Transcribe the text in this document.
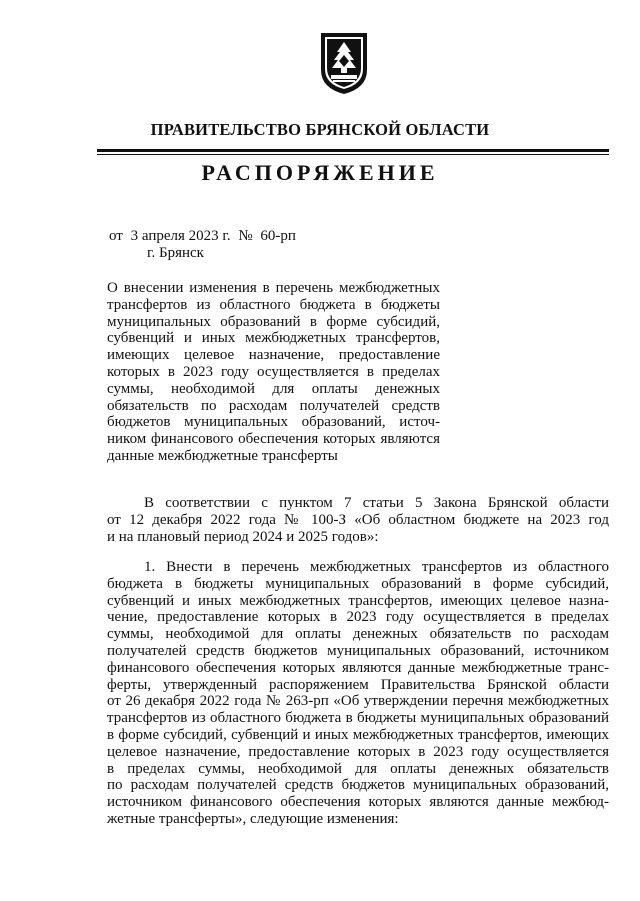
ПРАВИТЕЛЬСТВО БРЯНСКОЙ ОБЛАСТИ
РАСПОРЯЖЕНИЕ
от 3 апреля 2023 г. № 60-рп
г. Брянск
О внесении изменения в перечень межбюджетных
трансфертов из областного бюджета в бюджеты
муниципальных образований в форме субсидий,
субвенций и иных межбюджетных трансфертов,
имеющих целевое назначение, предоставление
которых в 2023 году осуществляется в пределах
суммы, необходимой для оплаты денежных
обязательств по расходам получателей средств
бюджетов муниципальных образований, источ-
ником финансового обеспечения которых являются
данные межбюджетные трансферты
В соответствии с пунктом 7 статьи 5 Закона Брянской области
от 12 декабря 2022 года № 100-З «Об областном бюджете на 2023 год
и на плановый период 2024 и 2025 годов»:
1. Внести в перечень межбюджетных трансфертов из областного
бюджета в бюджеты муниципальных образований в форме субсидий,
субвенций и иных межбюджетных трансфертов, имеющих целевое назна-
чение, предоставление которых в 2023 году осуществляется в пределах
суммы, необходимой для оплаты денежных обязательств по расходам
получателей средств бюджетов муниципальных образований, источником
финансового обеспечения которых являются данные межбюджетные транс-
ферты, утвержденный распоряжением Правительства Брянской области
от 26 декабря 2022 года № 263-рп «Об утверждении перечня межбюджетных
трансфертов из областного бюджета в бюджеты муниципальных образований
в форме субсидий, субвенций и иных межбюджетных трансфертов, имеющих
целевое назначение, предоставление которых в 2023 году осуществляется
в пределах суммы, необходимой для оплаты денежных обязательств
по расходам получателей средств бюджетов муниципальных образований,
источником финансового обеспечения которых являются данные межбюд-
жетные трансферты», следующие изменения:
